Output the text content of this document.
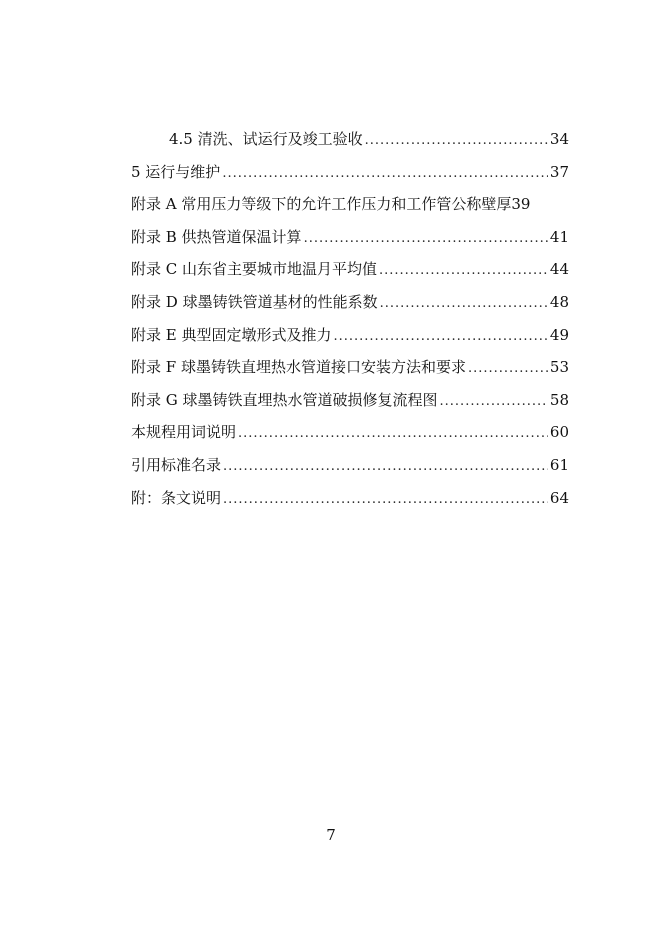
4.5 清洗、试运行及竣工验收 .....	34
5 运行与维护 .....	37
附录 A 常用压力等级下的允许工作压力和工作管公称壁厚 39
附录 B 供热管道保温计算 .....	41
附录 C 山东省主要城市地温月平均值 .....	44
附录 D 球墨铸铁管道基材的性能系数 .....	48
附录 E 典型固定墩形式及推力 .....	49
附录 F 球墨铸铁直埋热水管道接口安装方法和要求 .....	53
附录 G 球墨铸铁直埋热水管道破损修复流程图 .....	58
本规程用词说明 .....	60
引用标准名录 .....	61
附：条文说明 .....	64
7
